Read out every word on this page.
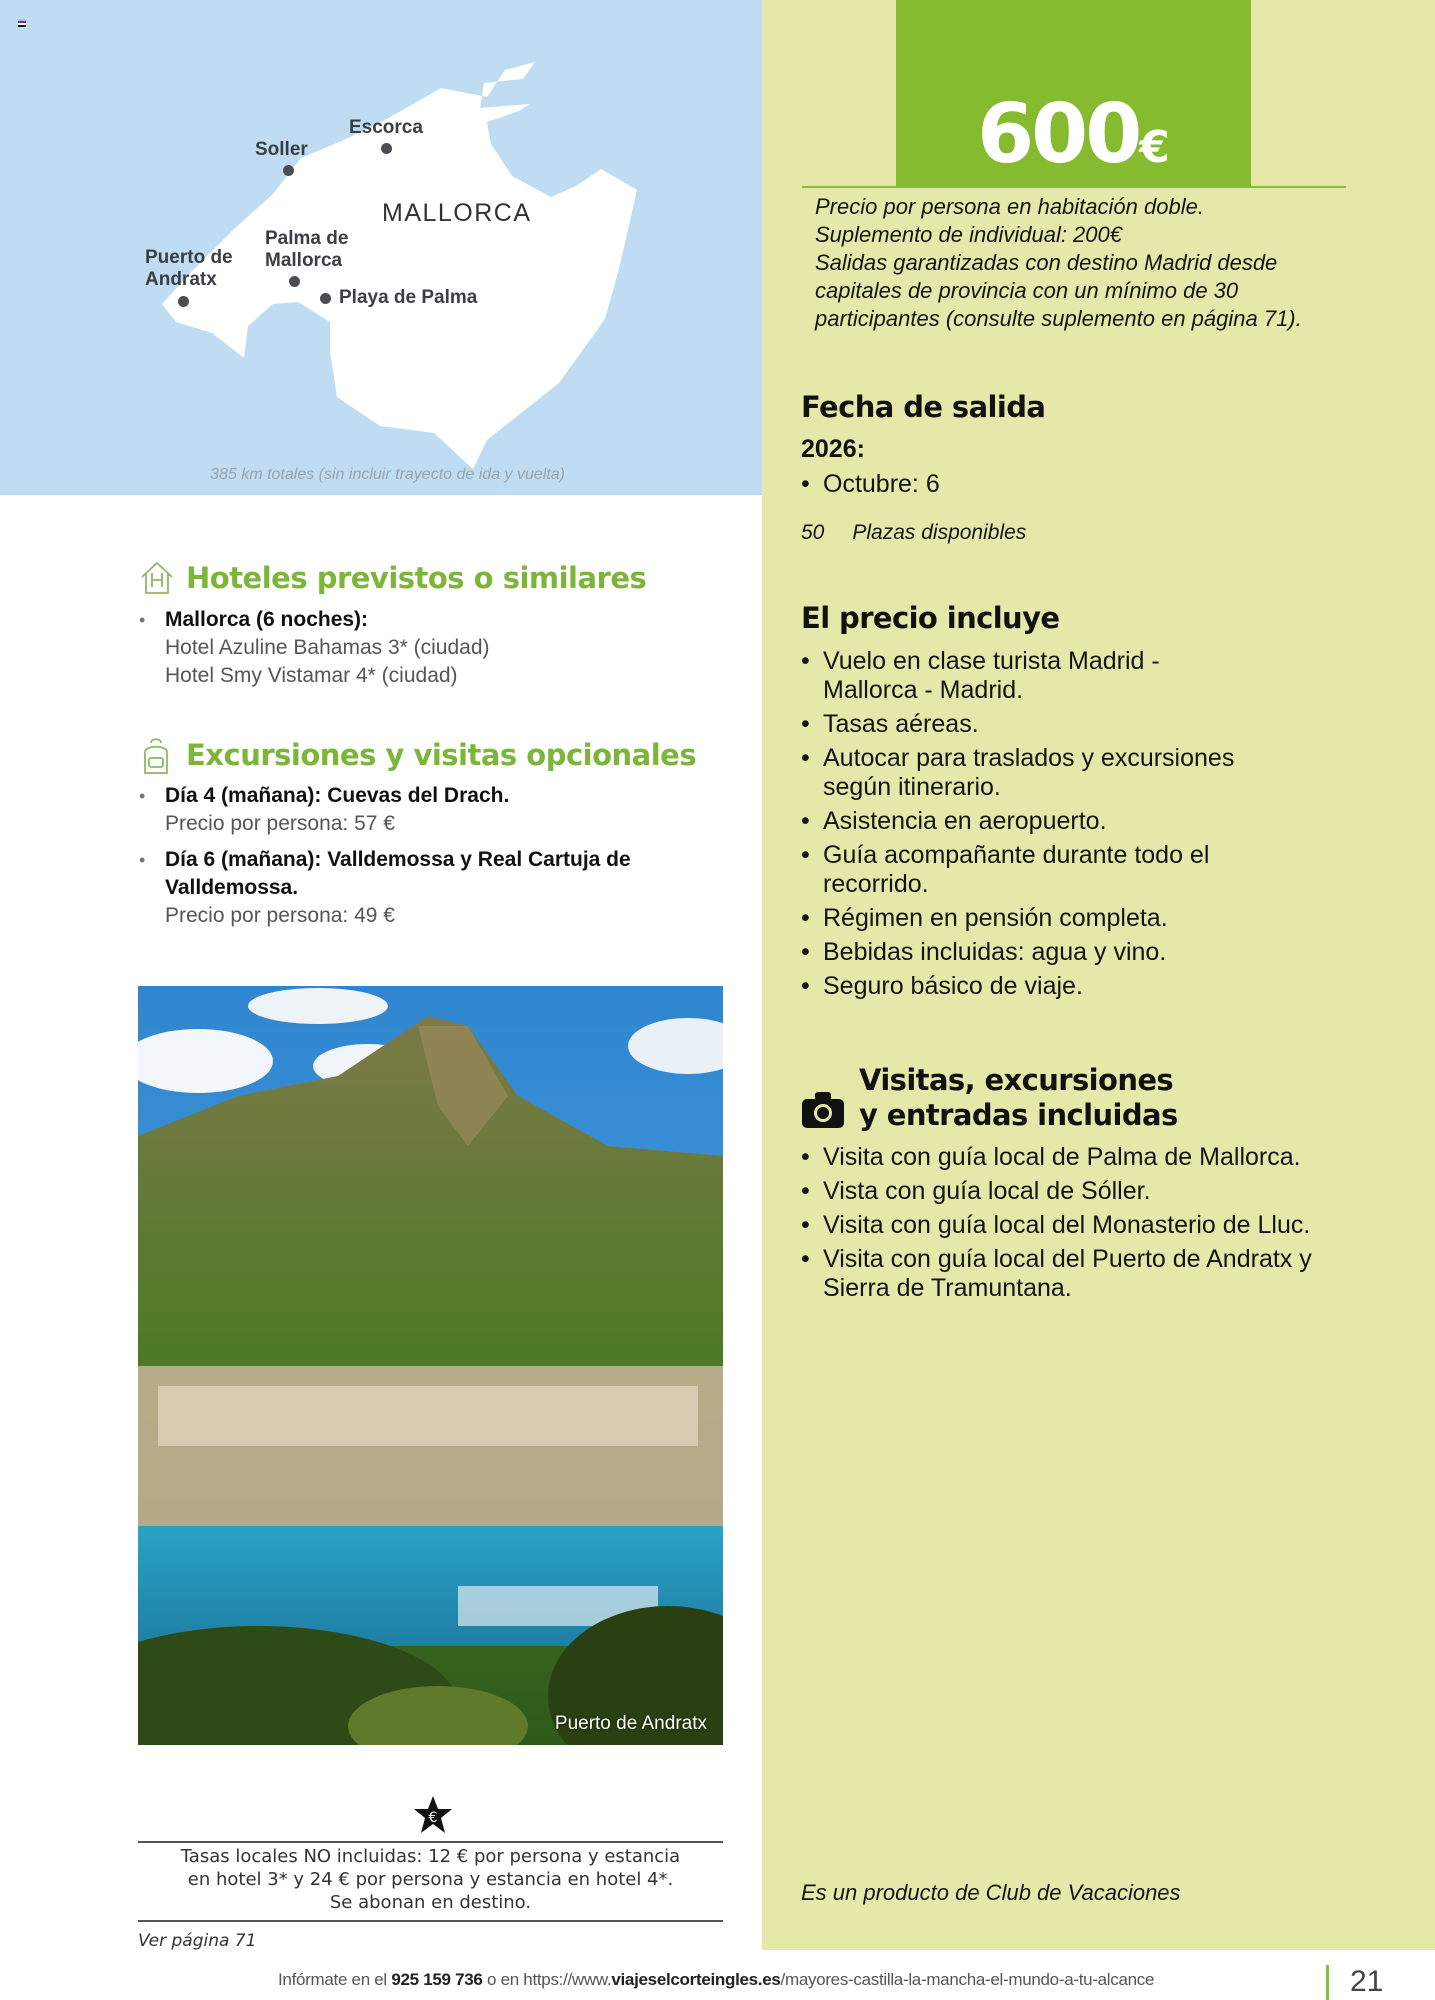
Escorca
Soller
MALLORCA
Palma de
Mallorca
Puerto de
Andratx
Playa de Palma
385 km totales (sin incluir trayecto de ida y vuelta)
600€
Precio por persona en habitación doble.
Suplemento de individual: 200€
Salidas garantizadas con destino Madrid desde
capitales de provincia con un mínimo de 30
participantes (consulte suplemento en página 71).
Fecha de salida
2026:
• Octubre: 6
50 Plazas disponibles
El precio incluye
• Vuelo en clase turista Madrid - Mallorca - Madrid.
• Tasas aéreas.
• Autocar para traslados y excursiones según itinerario.
• Asistencia en aeropuerto.
• Guía acompañante durante todo el recorrido.
• Régimen en pensión completa.
• Bebidas incluidas: agua y vino.
• Seguro básico de viaje.
Visitas, excursiones
y entradas incluidas
• Visita con guía local de Palma de Mallorca.
• Vista con guía local de Sóller.
• Visita con guía local del Monasterio de Lluc.
• Visita con guía local del Puerto de Andratx y Sierra de Tramuntana.
Es un producto de Club de Vacaciones
Hoteles previstos o similares
• Mallorca (6 noches):
Hotel Azuline Bahamas 3* (ciudad)
Hotel Smy Vistamar 4* (ciudad)
Excursiones y visitas opcionales
• Día 4 (mañana): Cuevas del Drach.
Precio por persona: 57 €
• Día 6 (mañana): Valldemossa y Real Cartuja de Valldemossa.
Precio por persona: 49 €
Puerto de Andratx
€
Tasas locales NO incluidas: 12 € por persona y estancia
en hotel 3* y 24 € por persona y estancia en hotel 4*.
Se abonan en destino.
Ver página 71
Infórmate en el 925 159 736 o en https://www.viajeselcorteingles.es/mayores-castilla-la-mancha-el-mundo-a-tu-alcance	21
